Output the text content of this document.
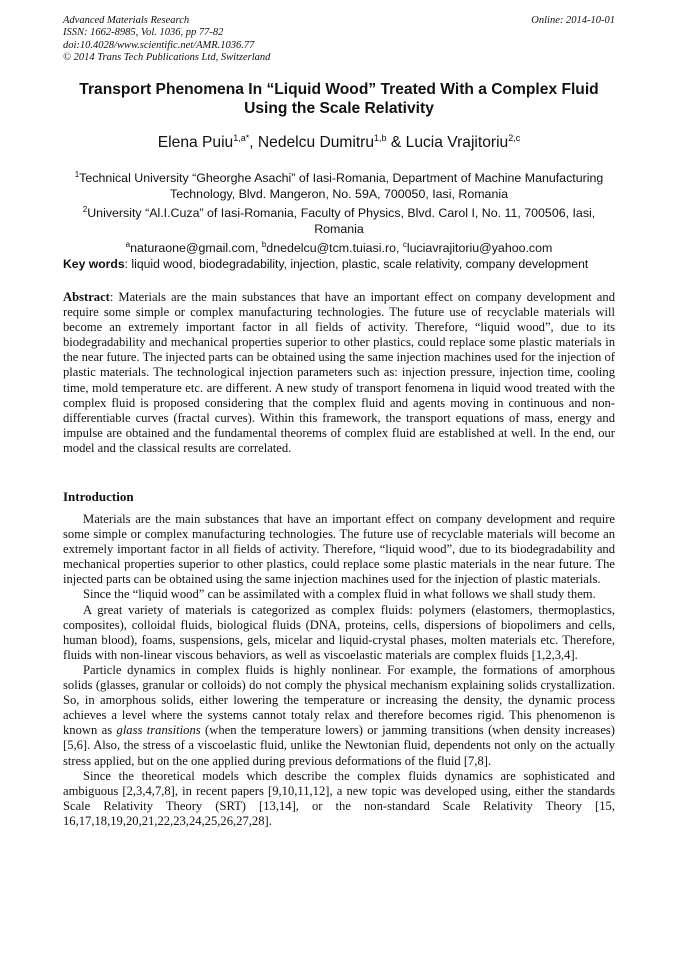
Advanced Materials Research
ISSN: 1662-8985, Vol. 1036, pp 77-82
doi:10.4028/www.scientific.net/AMR.1036.77
© 2014 Trans Tech Publications Ltd, Switzerland
Online: 2014-10-01
Transport Phenomena In “Liquid Wood” Treated With a Complex Fluid
Using the Scale Relativity
Elena Puiu$^{1,a*}$, Nedelcu Dumitru$^{1,b}$ & Lucia Vrajitoriu$^{2,c}$

$^1$Technical University “Gheorghe Asachi” of Iasi-Romania, Department of Machine Manufacturing Technology, Blvd. Mangeron, No. 59A, 700050, Iasi, Romania

$^2$University “Al.I.Cuza” of Iasi-Romania, Faculty of Physics, Blvd. Carol I, No. 11, 700506, Iasi, Romania

$^a$naturaone@gmail.com, $^b$dnedelcu@tcm.tuiasi.ro, $^c$luciavrajitoriu@yahoo.com

Key words: liquid wood, biodegradability, injection, plastic, scale relativity, company development

Abstract: Materials are the main substances that have an important effect on company development and require some simple or complex manufacturing technologies. The future use of recyclable materials will become an extremely important factor in all fields of activity. Therefore, “liquid wood”, due to its biodegradability and mechanical properties superior to other plastics, could replace some plastic materials in the near future. The injected parts can be obtained using the same injection machines used for the injection of plastic materials. The technological injection parameters such as: injection pressure, injection time, cooling time, mold temperature etc. are different. A new study of transport fenomena in liquid wood treated with the complex fluid is proposed considering that the complex fluid and agents moving in continuous and non-differentiable curves (fractal curves). Within this framework, the transport equations of mass, energy and impulse are obtained and the fundamental theorems of complex fluid are established at well. In the end, our model and the classical results are correlated.

Introduction

Materials are the main substances that have an important effect on company development and require some simple or complex manufacturing technologies. The future use of recyclable materials will become an extremely important factor in all fields of activity. Therefore, “liquid wood”, due to its biodegradability and mechanical properties superior to other plastics, could replace some plastic materials in the near future. The injected parts can be obtained using the same injection machines used for the injection of plastic materials.

Since the “liquid wood” can be assimilated with a complex fluid in what follows we shall study them.

A great variety of materials is categorized as complex fluids: polymers (elastomers, thermoplastics, composites), colloidal fluids, biological fluids (DNA, proteins, cells, dispersions of biopolimers and cells, human blood), foams, suspensions, gels, micelar and liquid-crystal phases, molten materials etc. Therefore, fluids with non-linear viscous behaviors, as well as viscoelastic materials are complex fluids [1,2,3,4].

Particle dynamics in complex fluids is highly nonlinear. For example, the formations of amorphous solids (glasses, granular or colloids) do not comply the physical mechanism explaining solids crystallization. So, in amorphous solids, either lowering the temperature or increasing the density, the dynamic process achieves a level where the systems cannot totaly relax and therefore becomes rigid. This phenomenon is known as glass transitions (when the temperature lowers) or jamming transitions (when density increases) [5,6]. Also, the stress of a viscoelastic fluid, unlike the Newtonian fluid, dependents not only on the actually stress applied, but on the one applied during previous deformations of the fluid [7,8].

Since the theoretical models which describe the complex fluids dynamics are sophisticated and ambiguous [2,3,4,7,8], in recent papers [9,10,11,12], a new topic was developed using, either the standards Scale Relativity Theory (SRT) [13,14], or the non-standard Scale Relativity Theory [15, 16,17,18,19,20,21,22,23,24,25,26,27,28].
